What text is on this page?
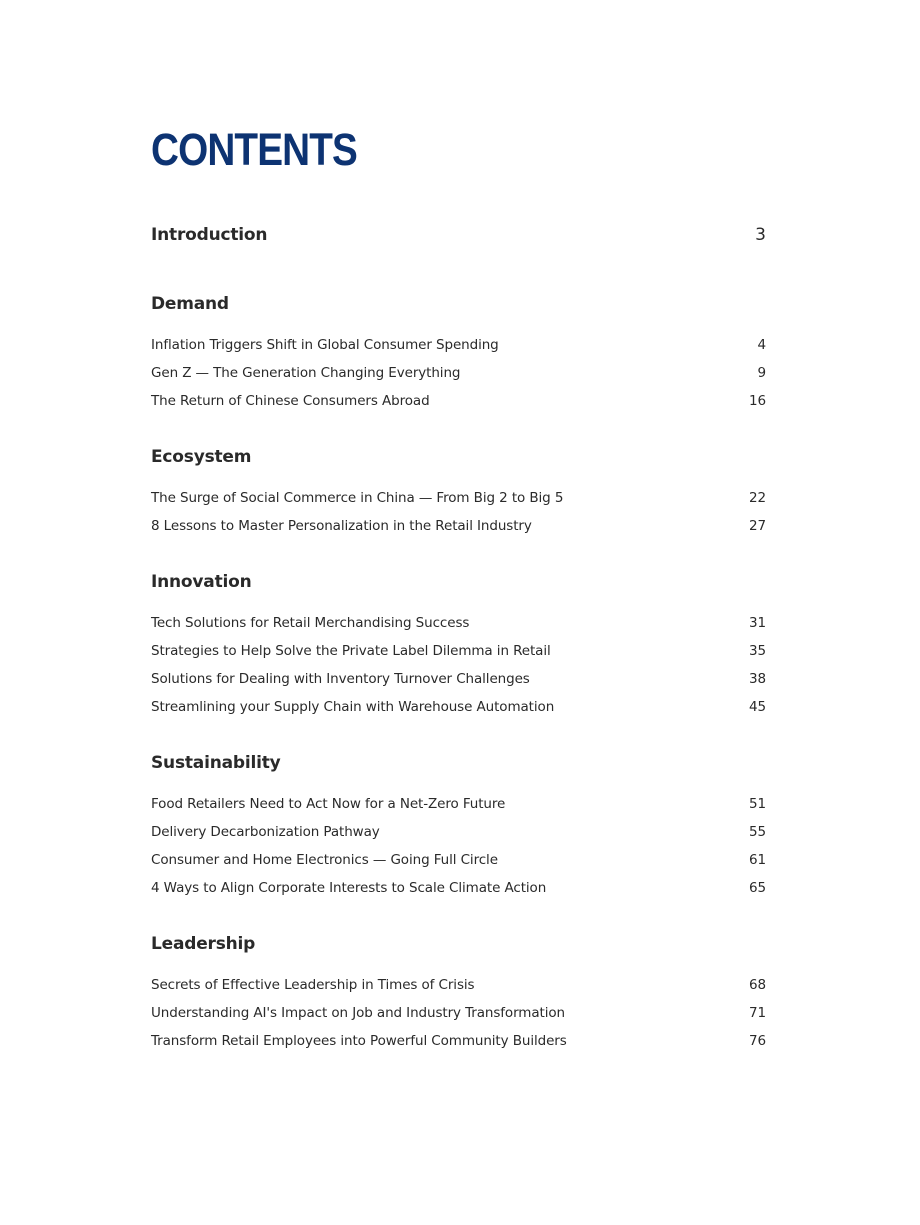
CONTENTS
Introduction	3
Demand
Inflation Triggers Shift in Global Consumer Spending	4
Gen Z — The Generation Changing Everything	9
The Return of Chinese Consumers Abroad	16
Ecosystem
The Surge of Social Commerce in China — From Big 2 to Big 5	22
8 Lessons to Master Personalization in the Retail Industry	27
Innovation
Tech Solutions for Retail Merchandising Success	31
Strategies to Help Solve the Private Label Dilemma in Retail	35
Solutions for Dealing with Inventory Turnover Challenges	38
Streamlining your Supply Chain with Warehouse Automation	45
Sustainability
Food Retailers Need to Act Now for a Net-Zero Future	51
Delivery Decarbonization Pathway	55
Consumer and Home Electronics — Going Full Circle	61
4 Ways to Align Corporate Interests to Scale Climate Action	65
Leadership
Secrets of Effective Leadership in Times of Crisis	68
Understanding AI's Impact on Job and Industry Transformation	71
Transform Retail Employees into Powerful Community Builders	76
